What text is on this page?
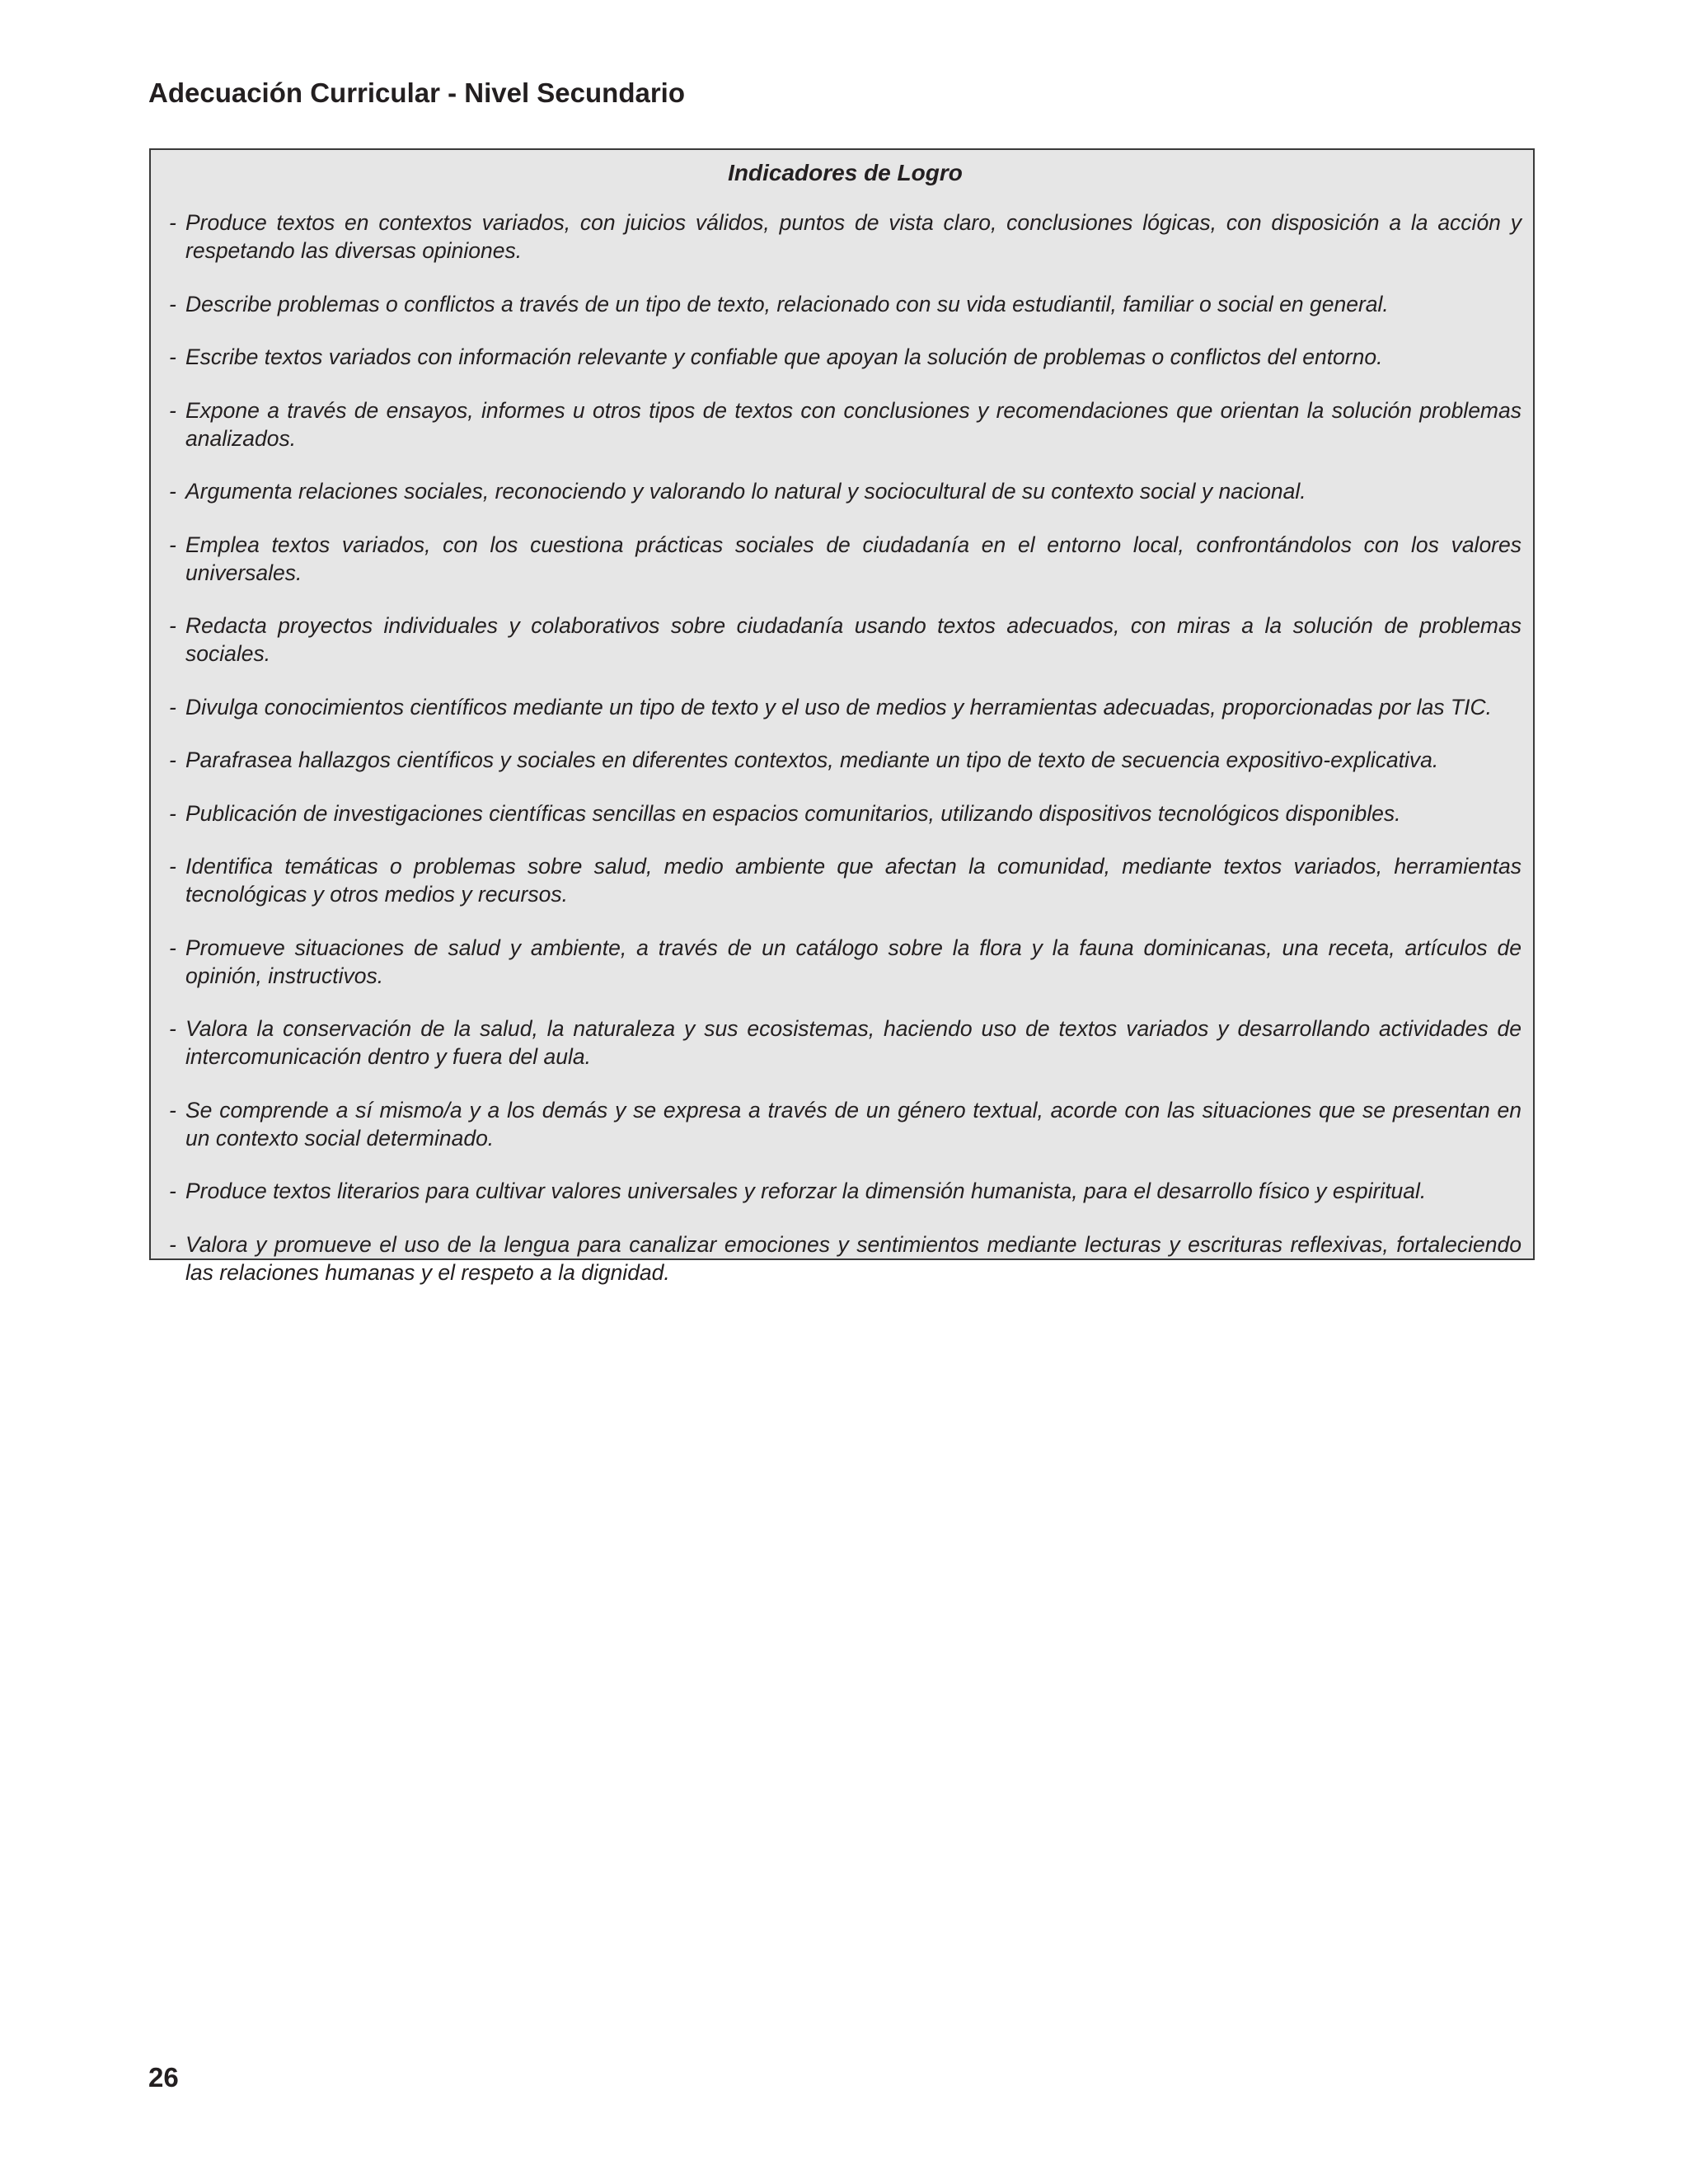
Adecuación Curricular - Nivel Secundario
Indicadores de Logro
- Produce textos en contextos variados, con juicios válidos, puntos de vista claro, conclusiones lógicas, con disposición a la acción y respetando las diversas opiniones.
- Describe problemas o conflictos a través de un tipo de texto, relacionado con su vida estudiantil, familiar o social en general.
- Escribe textos variados con información relevante y confiable que apoyan la solución de problemas o conflictos del entorno.
- Expone a través de ensayos, informes u otros tipos de textos con conclusiones y recomendaciones que orientan la solución problemas analizados.
- Argumenta relaciones sociales, reconociendo y valorando lo natural y sociocultural de su contexto social y nacional.
- Emplea textos variados, con los cuestiona prácticas sociales de ciudadanía en el entorno local, confrontándolos con los valores universales.
- Redacta proyectos individuales y colaborativos sobre ciudadanía usando textos adecuados, con miras a la solución de problemas sociales.
- Divulga conocimientos científicos mediante un tipo de texto y el uso de medios y herramientas adecuadas, proporcionadas por las TIC.
- Parafrasea hallazgos científicos y sociales en diferentes contextos, mediante un tipo de texto de secuencia expositivo-explicativa.
- Publicación de investigaciones científicas sencillas en espacios comunitarios, utilizando dispositivos tecnológicos disponibles.
- Identifica temáticas o problemas sobre salud, medio ambiente que afectan la comunidad, mediante textos variados, herramientas tecnológicas y otros medios y recursos.
- Promueve situaciones de salud y ambiente, a través de un catálogo sobre la flora y la fauna dominicanas, una receta, artículos de opinión, instructivos.
- Valora la conservación de la salud, la naturaleza y sus ecosistemas, haciendo uso de textos variados y desarrollando actividades de intercomunicación dentro y fuera del aula.
- Se comprende a sí mismo/a y a los demás y se expresa a través de un género textual, acorde con las situaciones que se presentan en un contexto social determinado.
- Produce textos literarios para cultivar valores universales y reforzar la dimensión humanista, para el desarrollo físico y espiritual.
- Valora y promueve el uso de la lengua para canalizar emociones y sentimientos mediante lecturas y escrituras reflexivas, fortaleciendo las relaciones humanas y el respeto a la dignidad.
26
